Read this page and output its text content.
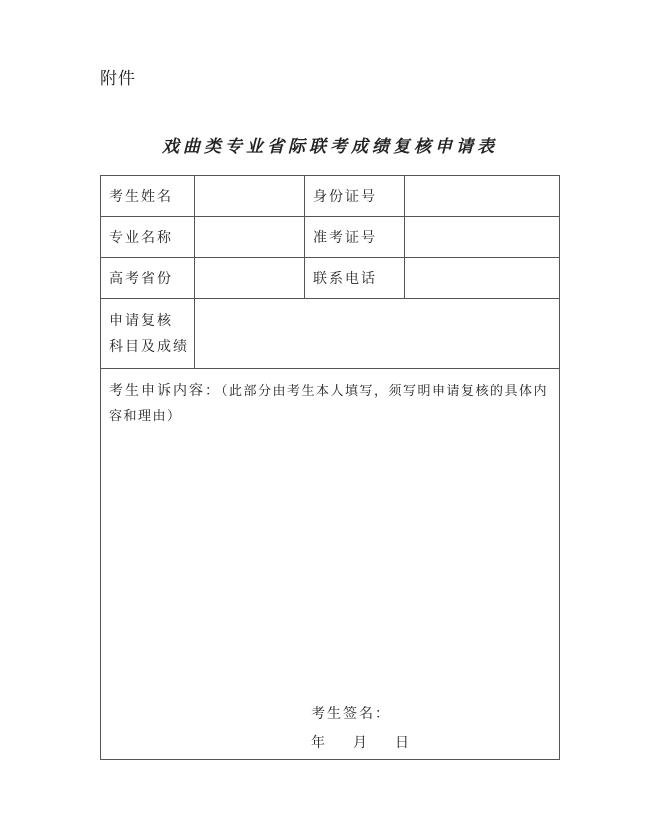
附件
戏曲类专业省际联考成绩复核申请表
考生姓名	身份证号
专业名称	准考证号
高考省份	联系电话
申请复核
科目及成绩
考生申诉内容：（此部分由考生本人填写，须写明申请复核的具体内容和理由）
考生签名：
年	月	日
